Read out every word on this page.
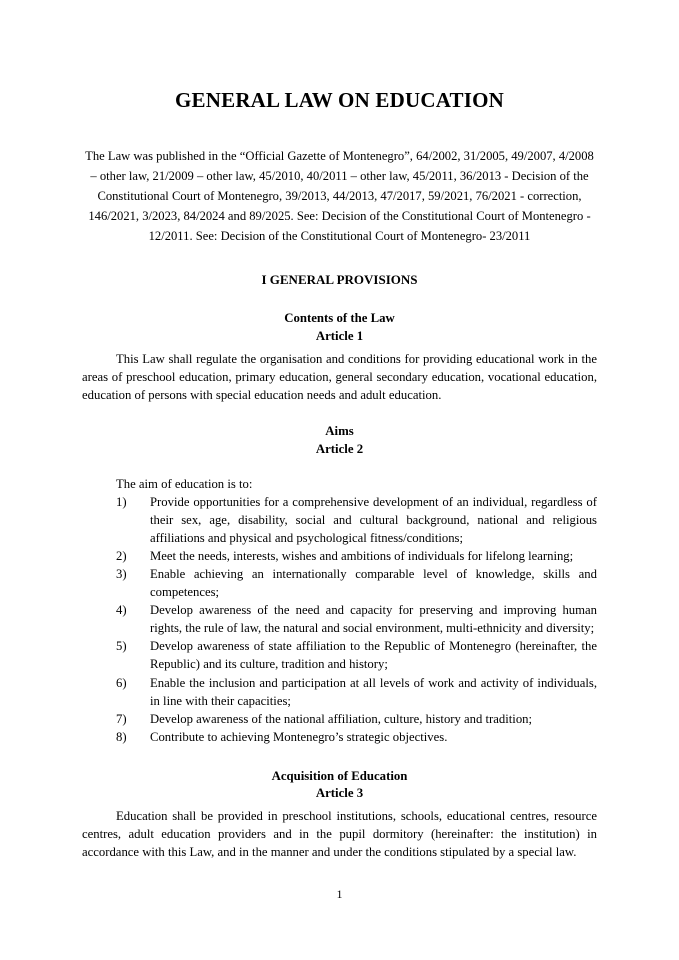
GENERAL LAW ON EDUCATION
The Law was published in the “Official Gazette of Montenegro”, 64/2002, 31/2005, 49/2007, 4/2008 – other law, 21/2009 – other law, 45/2010, 40/2011 – other law, 45/2011, 36/2013 - Decision of the Constitutional Court of Montenegro, 39/2013, 44/2013, 47/2017, 59/2021, 76/2021 - correction, 146/2021, 3/2023, 84/2024 and 89/2025. See: Decision of the Constitutional Court of Montenegro - 12/2011. See: Decision of the Constitutional Court of Montenegro- 23/2011
I GENERAL PROVISIONS
Contents of the Law
Article 1

This Law shall regulate the organisation and conditions for providing educational work in the areas of preschool education, primary education, general secondary education, vocational education, education of persons with special education needs and adult education.

Aims
Article 2

The aim of education is to:

1)	Provide opportunities for a comprehensive development of an individual, regardless of their sex, age, disability, social and cultural background, national and religious affiliations and physical and psychological fitness/conditions;
2)	Meet the needs, interests, wishes and ambitions of individuals for lifelong learning;
3)	Enable achieving an internationally comparable level of knowledge, skills and competences;
4)	Develop awareness of the need and capacity for preserving and improving human rights, the rule of law, the natural and social environment, multi-ethnicity and diversity;
5)	Develop awareness of state affiliation to the Republic of Montenegro (hereinafter, the Republic) and its culture, tradition and history;
6)	Enable the inclusion and participation at all levels of work and activity of individuals, in line with their capacities;
7)	Develop awareness of the national affiliation, culture, history and tradition;
8)	Contribute to achieving Montenegro’s strategic objectives.
Acquisition of Education
Article 3

Education shall be provided in preschool institutions, schools, educational centres, resource centres, adult education providers and in the pupil dormitory (hereinafter: the institution) in accordance with this Law, and in the manner and under the conditions stipulated by a special law.

1
